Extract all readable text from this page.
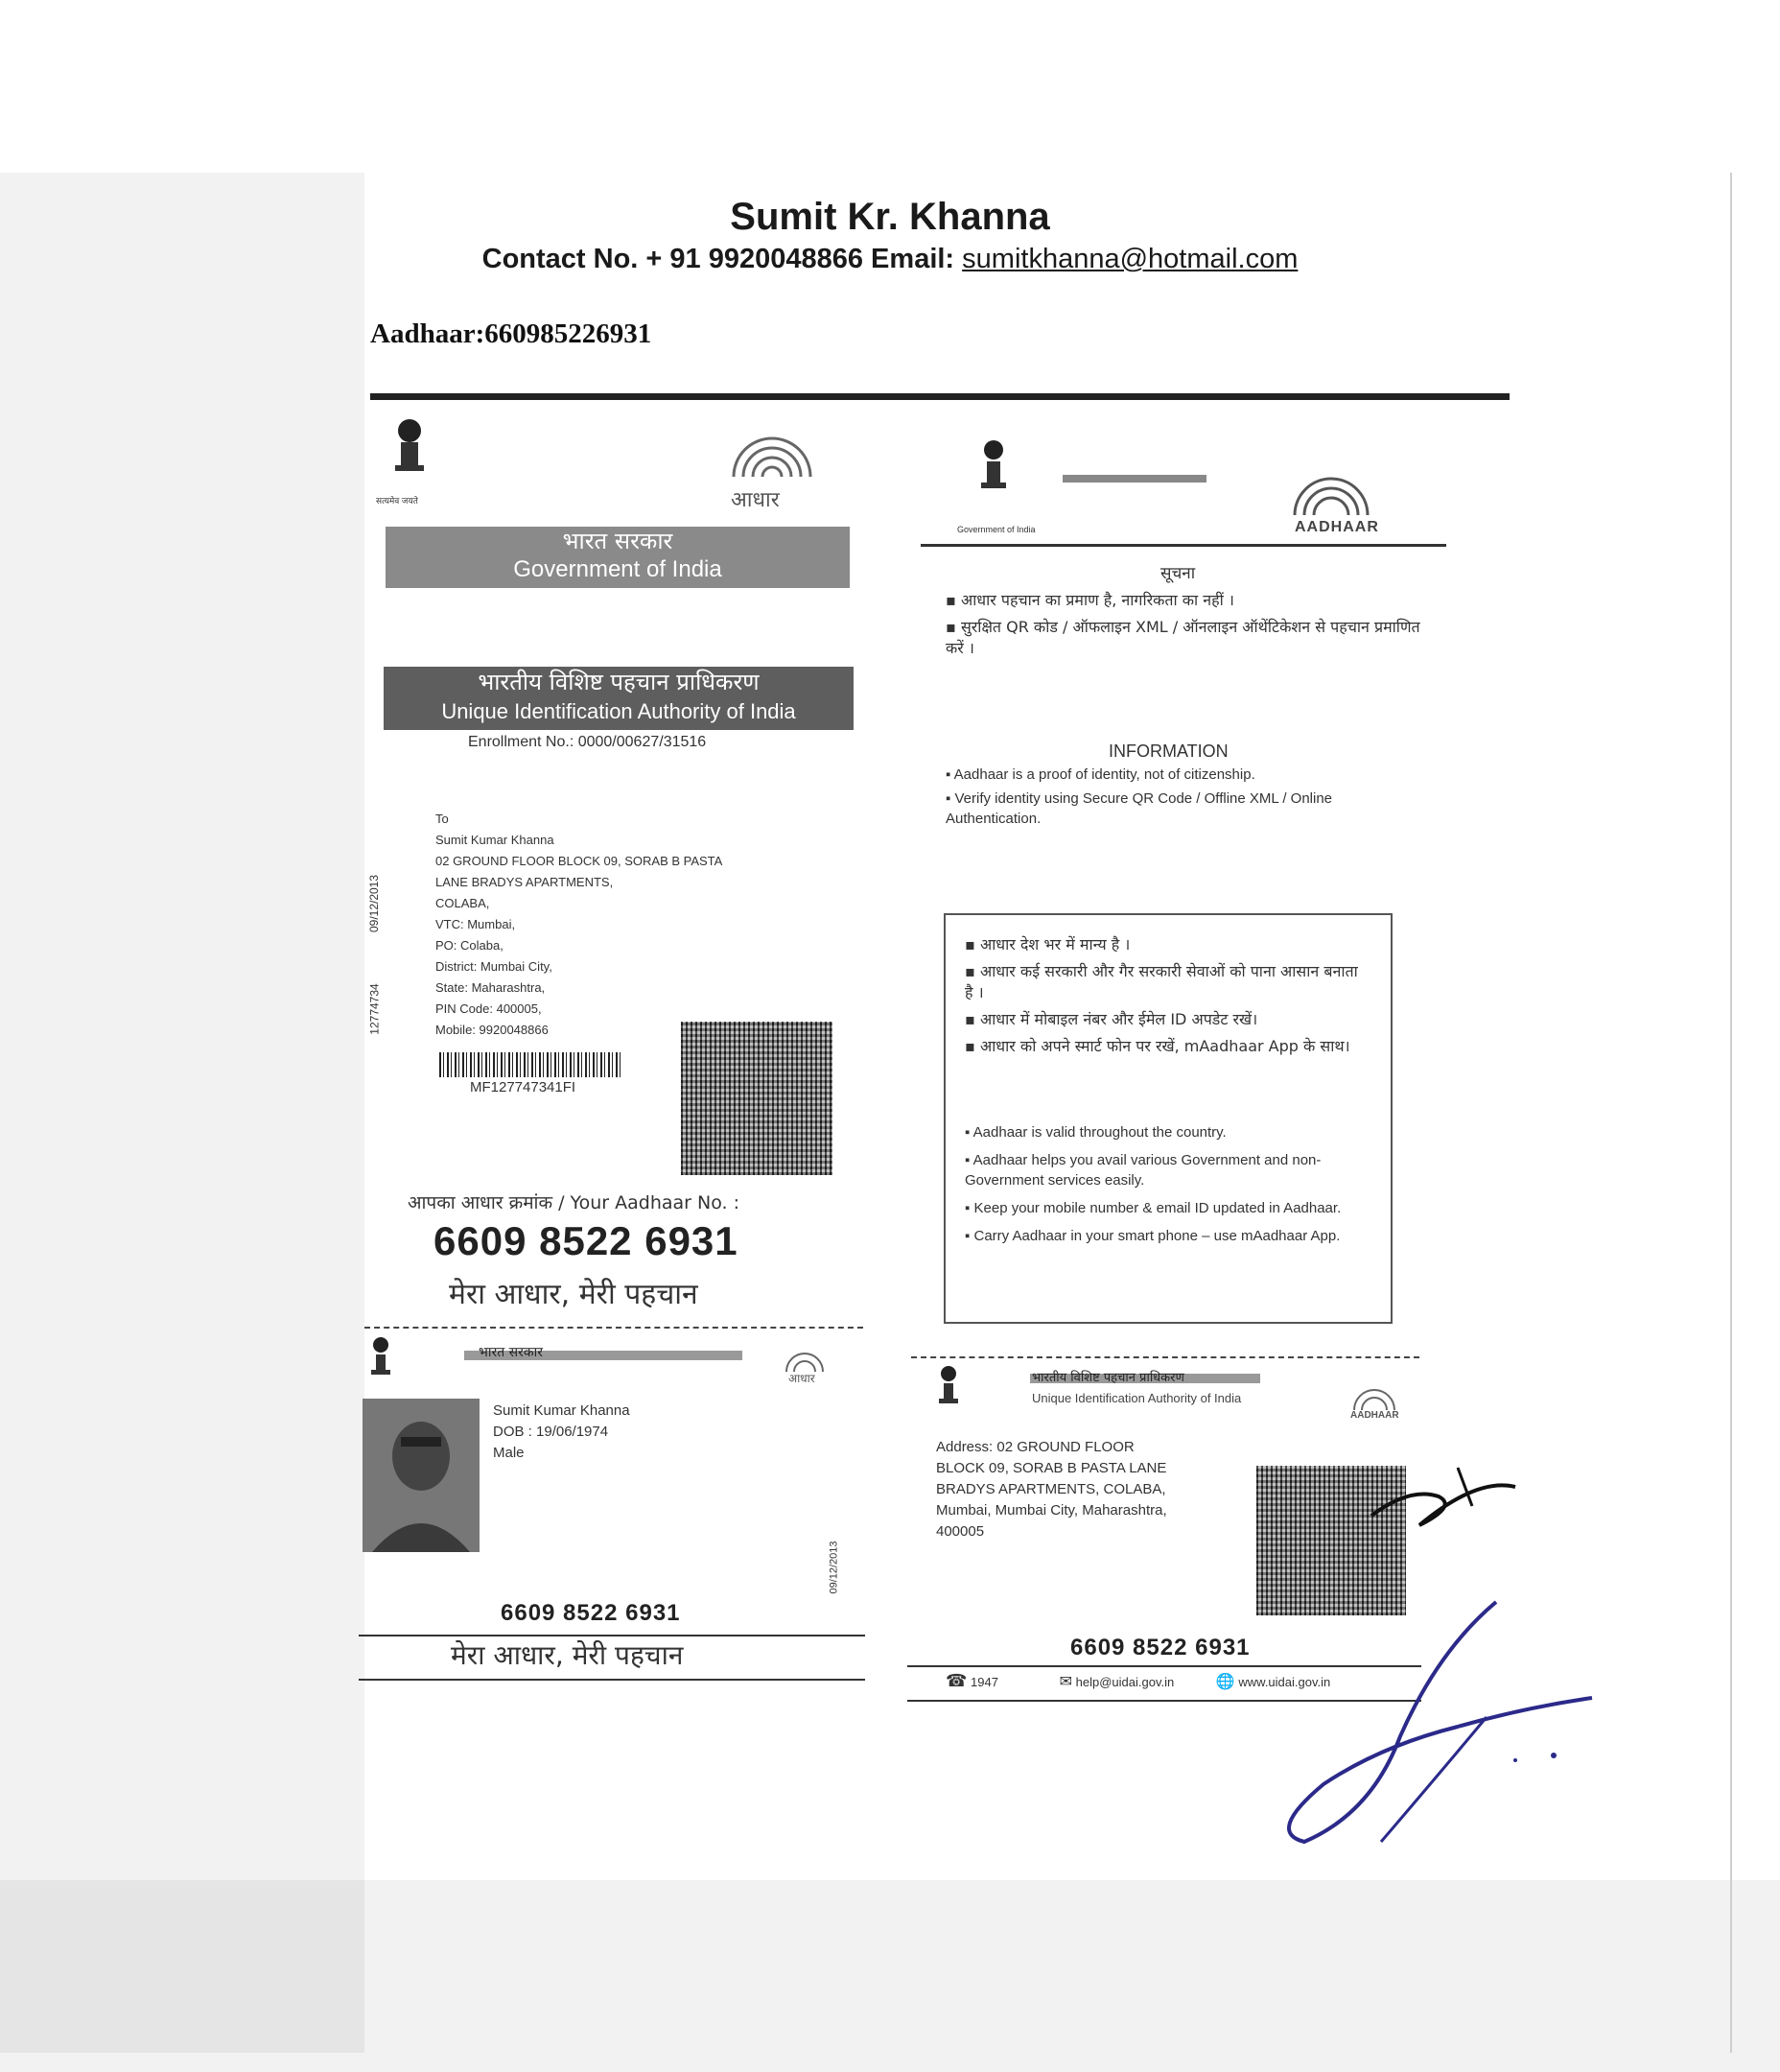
Sumit Kr. Khanna
Contact No. + 91 9920048866 Email: sumitkhanna@hotmail.com
Aadhaar:660985226931
सत्यमेव जयते	आधार
भारत सरकार
Government of India
भारतीय विशिष्ट पहचान प्राधिकरण
Unique Identification Authority of India
Enrollment No.: 0000/00627/31516
09/12/2013
12774734
To
Sumit Kumar Khanna
02 GROUND FLOOR BLOCK 09, SORAB B PASTA
LANE BRADYS APARTMENTS,
COLABA,
VTC: Mumbai,
PO: Colaba,
District: Mumbai City,
State: Maharashtra,
PIN Code: 400005,
Mobile: 9920048866
MF127747341FI
आपका आधार क्रमांक / Your Aadhaar No. :
6609 8522 6931
मेरा आधार, मेरी पहचान
Government of India	AADHAAR
सूचना
▪ आधार पहचान का प्रमाण है, नागरिकता का नहीं ।
▪ सुरक्षित QR कोड / ऑफलाइन XML / ऑनलाइन ऑथेंटिकेशन से पहचान प्रमाणित करें ।
INFORMATION
▪ Aadhaar is a proof of identity, not of citizenship.
▪ Verify identity using Secure QR Code / Offline XML / Online Authentication.
▪ आधार देश भर में मान्य है ।
▪ आधार कई सरकारी और गैर सरकारी सेवाओं को पाना आसान बनाता है ।
▪ आधार में मोबाइल नंबर और ईमेल ID अपडेट रखें।
▪ आधार को अपने स्मार्ट फोन पर रखें, mAadhaar App के साथ।
▪ Aadhaar is valid throughout the country.
▪ Aadhaar helps you avail various Government and non-Government services easily.
▪ Keep your mobile number & email ID updated in Aadhaar.
▪ Carry Aadhaar in your smart phone – use mAadhaar App.
भारत सरकार
आधार
Sumit Kumar Khanna
DOB : 19/06/1974
Male
09/12/2013
6609 8522 6931
मेरा आधार, मेरी पहचान
भारतीय विशिष्ट पहचान प्राधिकरण
Unique Identification Authority of India
AADHAAR
Address: 02 GROUND FLOOR
BLOCK 09, SORAB B PASTA LANE
BRADYS APARTMENTS, COLABA,
Mumbai, Mumbai City, Maharashtra,
400005
6609 8522 6931
☎ 1947	✉ help@uidai.gov.in	🌐 www.uidai.gov.in
